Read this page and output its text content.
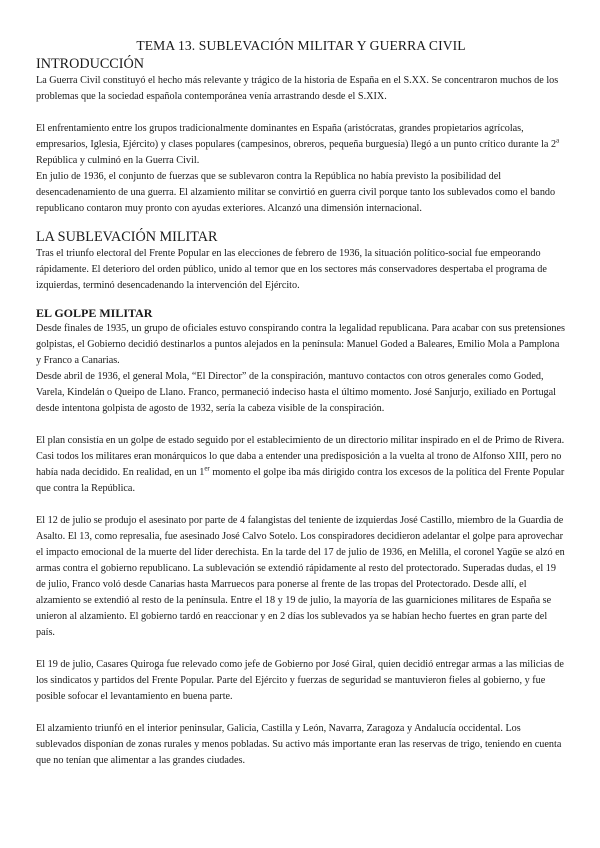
TEMA 13. SUBLEVACIÓN MILITAR Y GUERRA CIVIL
INTRODUCCIÓN

La Guerra Civil constituyó el hecho más relevante y trágico de la historia de España en el S.XX. Se concentraron muchos de los problemas que la sociedad española contemporánea venía arrastrando desde el S.XIX.

El enfrentamiento entre los grupos tradicionalmente dominantes en España (aristócratas, grandes propietarios agrícolas, empresarios, Iglesia, Ejército) y clases populares (campesinos, obreros, pequeña burguesía) llegó a un punto crítico durante la 2$^a$ República y culminó en la Guerra Civil.

En julio de 1936, el conjunto de fuerzas que se sublevaron contra la República no había previsto la posibilidad del desencadenamiento de una guerra. El alzamiento militar se convirtió en guerra civil porque tanto los sublevados como el bando republicano contaron muy pronto con ayudas exteriores. Alcanzó una dimensión internacional.

LA SUBLEVACIÓN MILITAR

Tras el triunfo electoral del Frente Popular en las elecciones de febrero de 1936, la situación político-social fue empeorando rápidamente. El deterioro del orden público, unido al temor que en los sectores más conservadores despertaba el programa de izquierdas, terminó desencadenando la intervención del Ejército.

EL GOLPE MILITAR

Desde finales de 1935, un grupo de oficiales estuvo conspirando contra la legalidad republicana. Para acabar con sus pretensiones golpistas, el Gobierno decidió destinarlos a puntos alejados en la península: Manuel Goded a Baleares, Emilio Mola a Pamplona y Franco a Canarias.

Desde abril de 1936, el general Mola, “El Director” de la conspiración, mantuvo contactos con otros generales como Goded, Varela, Kindelán o Queipo de Llano. Franco, permaneció indeciso hasta el último momento. José Sanjurjo, exiliado en Portugal desde intentona golpista de agosto de 1932, sería la cabeza visible de la conspiración.

El plan consistía en un golpe de estado seguido por el establecimiento de un directorio militar inspirado en el de Primo de Rivera. Casi todos los militares eran monárquicos lo que daba a entender una predisposición a la vuelta al trono de Alfonso XIII, pero no había nada decidido. En realidad, en un 1er momento el golpe iba más dirigido contra los excesos de la política del Frente Popular que contra la República.

El 12 de julio se produjo el asesinato por parte de 4 falangistas del teniente de izquierdas José Castillo, miembro de la Guardia de Asalto. El 13, como represalia, fue asesinado José Calvo Sotelo. Los conspiradores decidieron adelantar el golpe para aprovechar el impacto emocional de la muerte del líder derechista. En la tarde del 17 de julio de 1936, en Melilla, el coronel Yagüe se alzó en armas contra el gobierno republicano. La sublevación se extendió rápidamente al resto del protectorado. Superadas dudas, el 19 de julio, Franco voló desde Canarias hasta Marruecos para ponerse al frente de las tropas del Protectorado. Desde allí, el alzamiento se extendió al resto de la península. Entre el 18 y 19 de julio, la mayoría de las guarniciones militares de España se unieron al alzamiento. El gobierno tardó en reaccionar y en 2 días los sublevados ya se habían hecho fuertes en gran parte del país.

El 19 de julio, Casares Quiroga fue relevado como jefe de Gobierno por José Giral, quien decidió entregar armas a las milicias de los sindicatos y partidos del Frente Popular. Parte del Ejército y fuerzas de seguridad se mantuvieron fieles al gobierno, y fue posible sofocar el levantamiento en buena parte.

El alzamiento triunfó en el interior peninsular, Galicia, Castilla y León, Navarra, Zaragoza y Andalucía occidental. Los sublevados disponían de zonas rurales y menos pobladas. Su activo más importante eran las reservas de trigo, teniendo en cuenta que no tenían que alimentar a las grandes ciudades.
